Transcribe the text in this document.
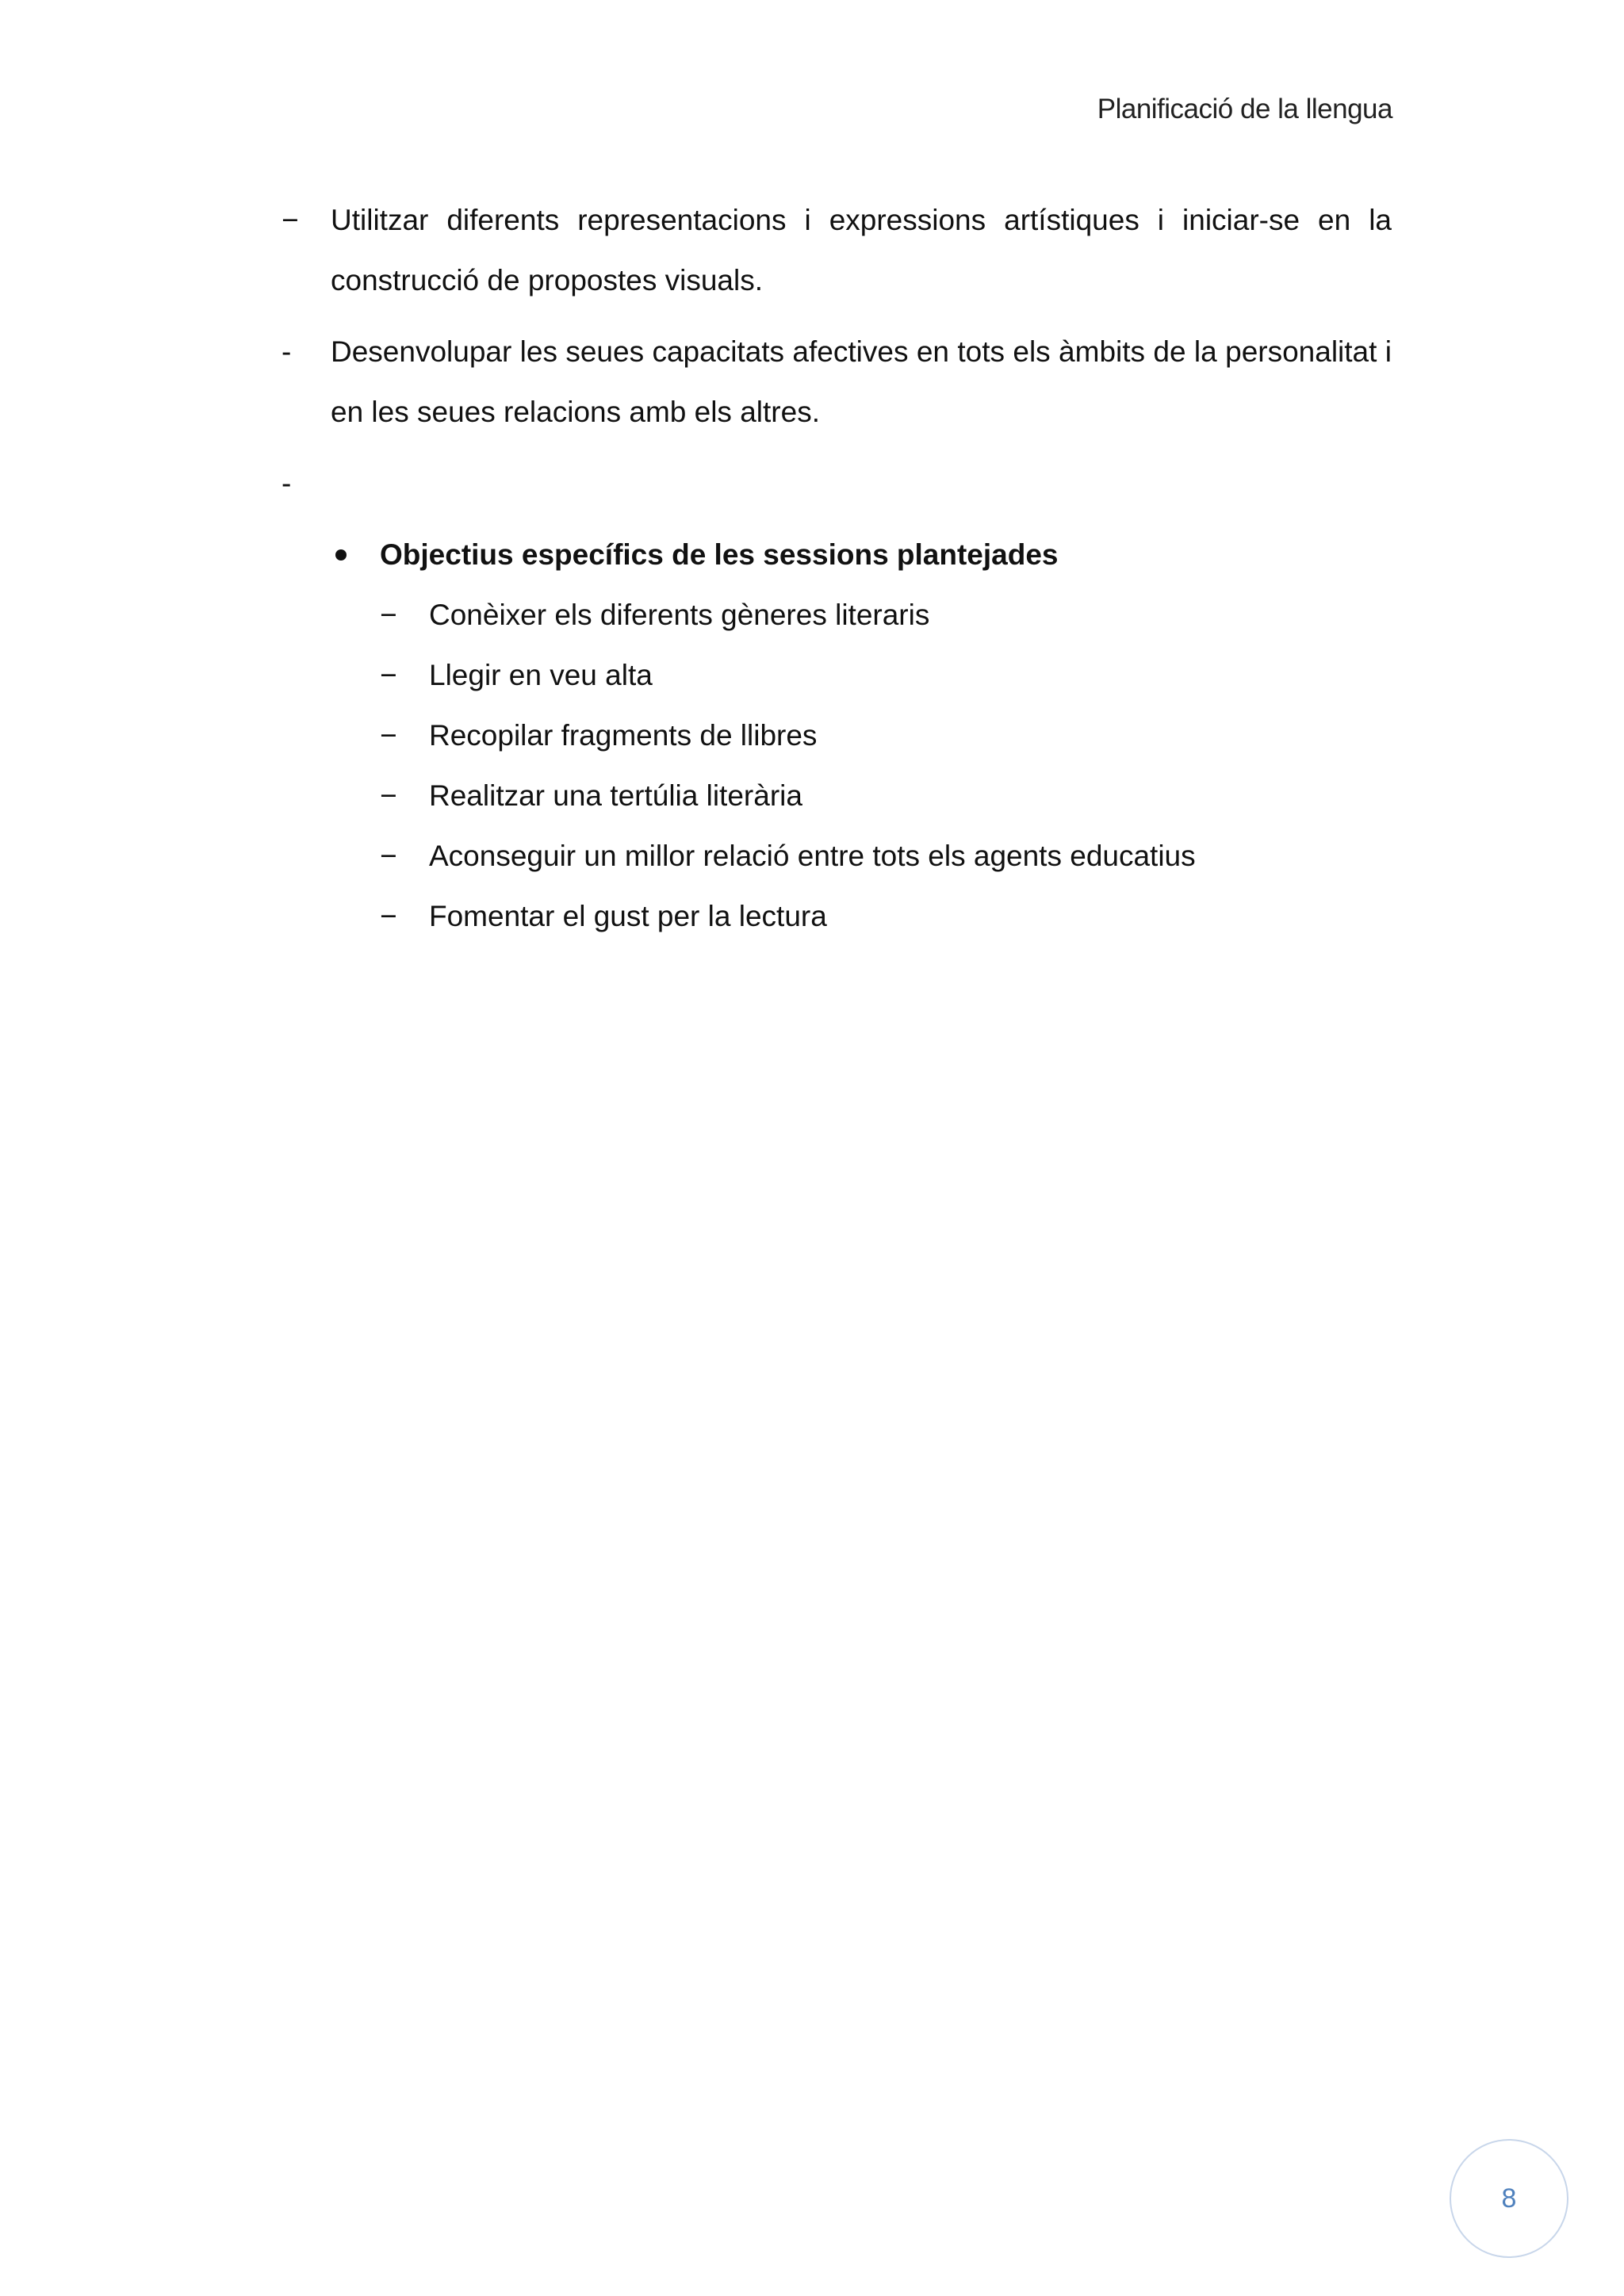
Planificació de la llengua
−	Utilitzar diferents representacions i expressions artístiques i iniciar-se en la construcció de propostes visuals.
-	Desenvolupar les seues capacitats afectives en tots els àmbits de la personalitat i en les seues relacions amb els altres.
-

Objectius específics de les sessions plantejades
− Conèixer els diferents gèneres literaris
− Llegir en veu alta
− Recopilar fragments de llibres
− Realitzar una tertúlia literària
− Aconseguir un millor relació entre tots els agents educatius
− Fomentar el gust per la lectura
8
